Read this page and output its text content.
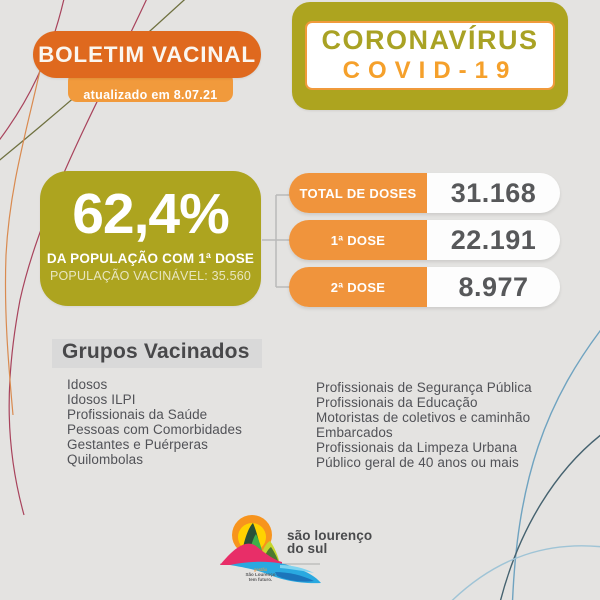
atualizado em 8.07.21
BOLETIM VACINAL	CORONAVÍRUS
COVID-19
62,4%
DA POPULAÇÃO COM 1ª DOSE
POPULAÇÃO VACINÁVEL: 35.560
TOTAL DE DOSES	31.168
1ª DOSE	22.191
2ª DOSE	8.977
Grupos Vacinados
Idosos
Idosos ILPI
Profissionais da Saúde
Pessoas com Comorbidades
Gestantes e Puérperas
Quilombolas
Profissionais de Segurança Pública
Profissionais da Educação
Motoristas de coletivos e caminhão
Embarcados
Profissionais da Limpeza Urbana
Público geral de 40 anos ou mais
são lourenço
do sul
gestão
São Lourenço
tem futuro.
